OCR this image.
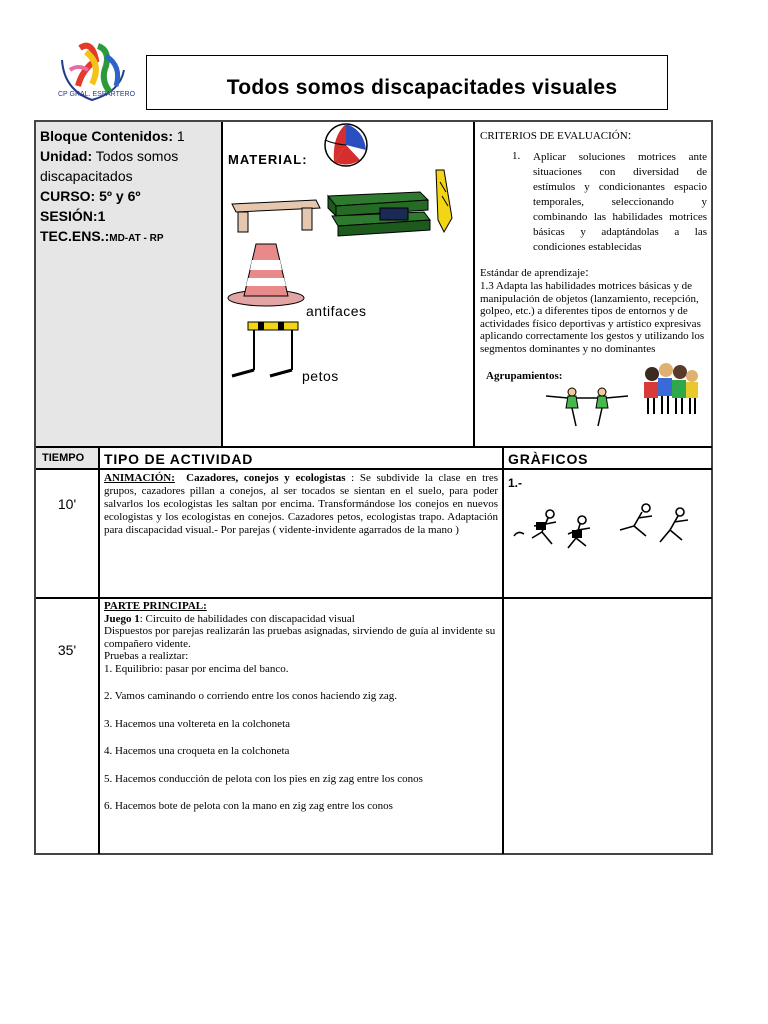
CP GRAL. ESPARTERO	Todos somos discapacitades visuales

Bloque Contenidos: 1

Unidad: Todos somos discapacitados

CURSO: 5º y 6º

SESIÓN:1

TEC.ENS.:MD-AT - RP

MATERIAL:
antifaces
petos
CRITERIOS DE EVALUACIÓN:
1. Aplicar soluciones motrices ante situaciones con diversidad de estímulos y condicionantes espacio temporales, seleccionando y combinando las habilidades motrices básicas y adaptándolas a las condiciones establecidas
Estándar de aprendizaje:
1.3 Adapta las habilidades motrices básicas y de manipulación de objetos (lanzamiento, recepción, golpeo, etc.) a diferentes tipos de entornos y de actividades físico deportivas y artístico expresivas aplicando correctamente los gestos y utilizando los segmentos dominantes y no dominantes
Agrupamientos:
TIEMPO TIPO DE ACTIVIDAD	GRÀFICOS
10'
ANIMACIÓN: Cazadores, conejos y ecologistas : Se subdivide la clase en tres grupos, cazadores pillan a conejos, al ser tocados se sientan en el suelo, para poder salvarlos los ecologistas les saltan por encima. Transformándose los conejos en nuevos ecologistas y los ecologistas en conejos. Cazadores petos, ecologistas trapo. Adaptación para discapacidad visual.- Por parejas ( vidente-invidente agarrados de la mano )
1.-
35'

PARTE PRINCIPAL:

Juego 1: Circuito de habilidades con discapacidad visual

Dispuestos por parejas realizarán las pruebas asignadas, sirviendo de guía al invidente su compañero vidente.

Pruebas a realiztar:

1. Equilibrio: pasar por encima del banco.

2. Vamos caminando o corriendo entre los conos haciendo zig zag.

3. Hacemos una voltereta en la colchoneta

4. Hacemos una croqueta en la colchoneta

5. Hacemos conducción de pelota con los pies en zig zag entre los conos

6. Hacemos bote de pelota con la mano en zig zag entre los conos
